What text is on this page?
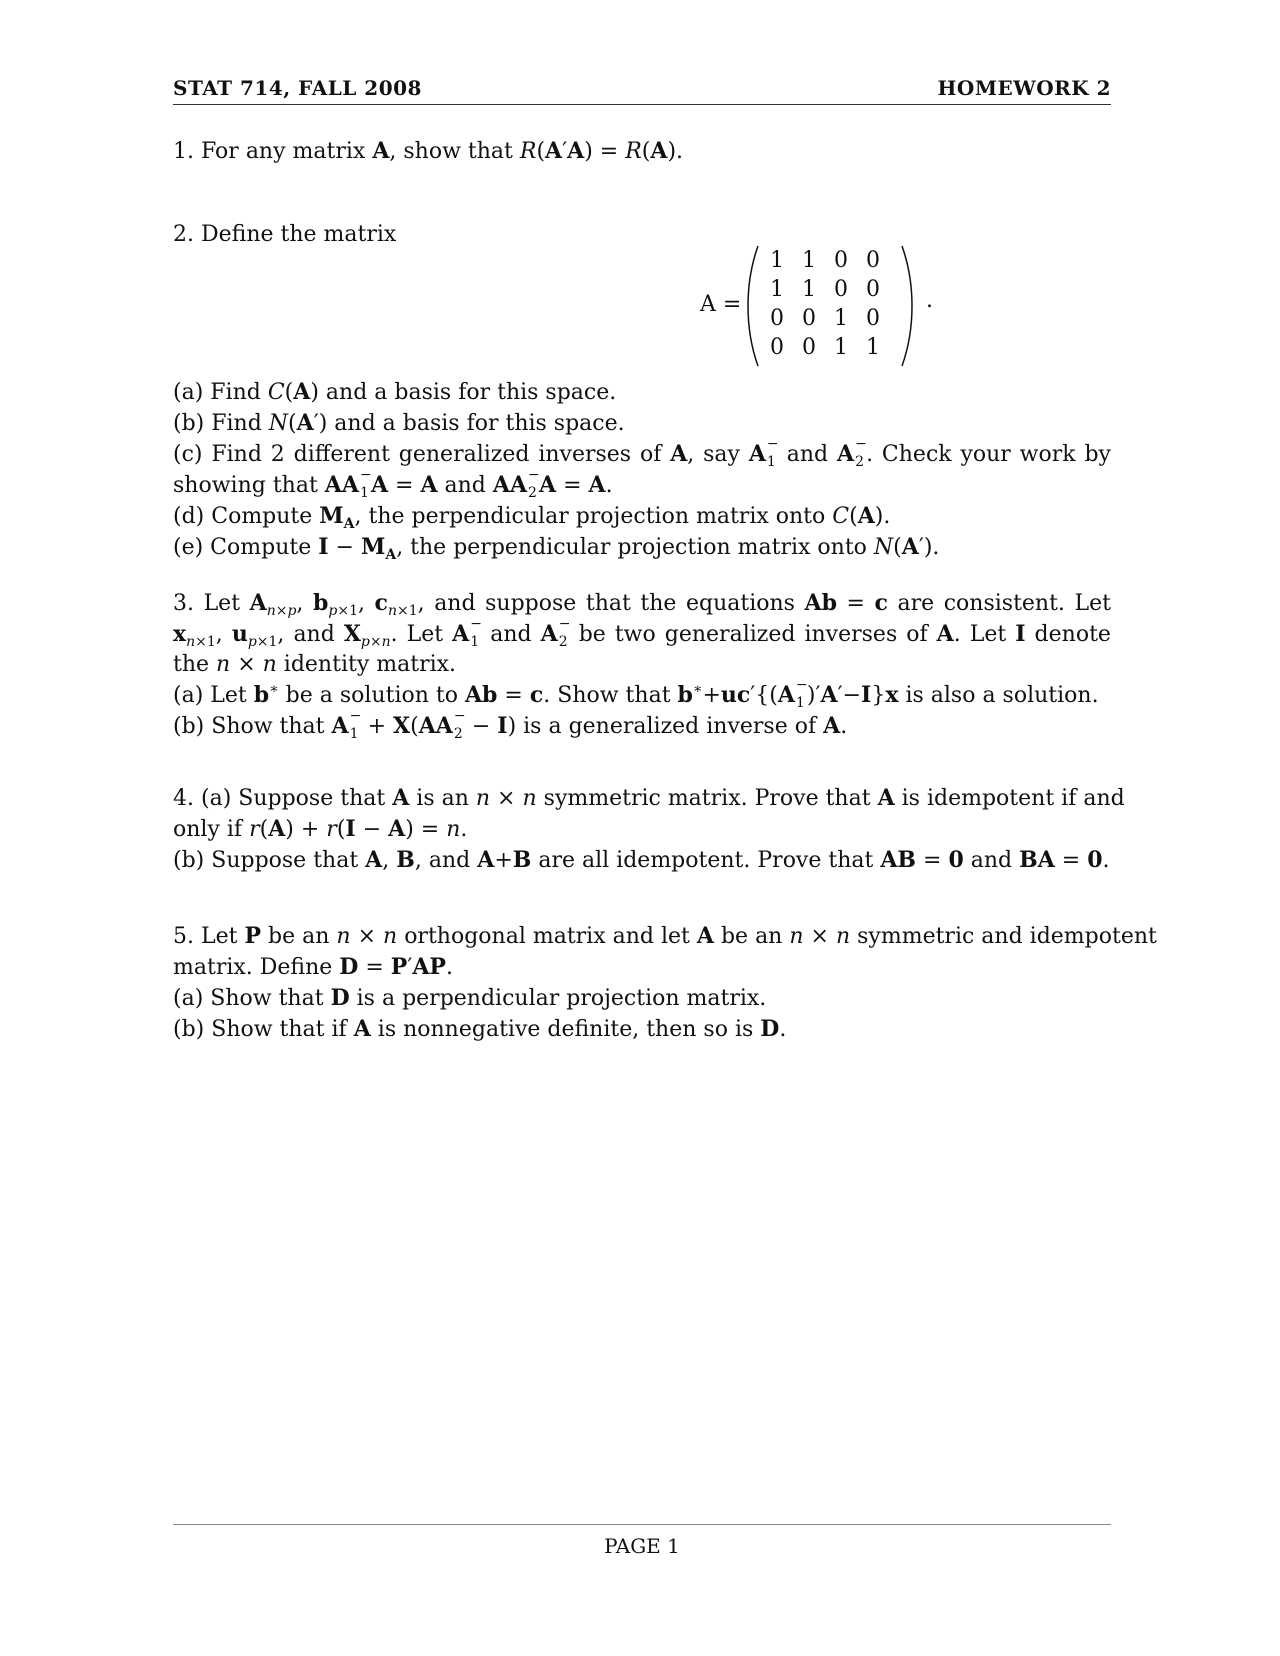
STAT 714, FALL 2008	HOMEWORK 2
1. For any matrix A, show that R(A′A) = R(A).
2. Define the matrix
A =
1 1 0 0
1 1 0 0
0 0 1 0
0 0 1 1
.
(a) Find C(A) and a basis for this space.
(b) Find N(A′) and a basis for this space.
(c) Find 2 different generalized inverses of A, say A −
1 and A −
2 . Check your work by
showing that AA −
1 A = A and AA −
2 A = A.
(d) Compute $M_A$, the perpendicular projection matrix onto C(A).
(e) Compute $I - M_A$, the perpendicular projection matrix onto N(A′).
3. Let $A_{n\times p}$, $b_{p\times 1}$, $c_{n\times 1}$, and suppose that the equations Ab = c are consistent. Let
$x_{n\times 1}$, $u_{p\times 1}$, and $X_{p\times n}$. Let A −
1 and A −
2 be two generalized inverses of A. Let I denote
the n × n identity matrix.
(a) Let b∗ be a solution to Ab = c. Show that b∗+uc′{(A −
1 )′A′−I}x is also a solution.
(b) Show that A −
1 + X(AA −
2 − I) is a generalized inverse of A.
4. (a) Suppose that A is an n × n symmetric matrix. Prove that A is idempotent if and
only if r(A) + r(I − A) = n.
(b) Suppose that A, B, and A+B are all idempotent. Prove that AB = 0 and BA = 0.
5. Let P be an n × n orthogonal matrix and let A be an n × n symmetric and idempotent
matrix. Define D = P′AP.
(a) Show that D is a perpendicular projection matrix.
(b) Show that if A is nonnegative definite, then so is D.
PAGE 1
